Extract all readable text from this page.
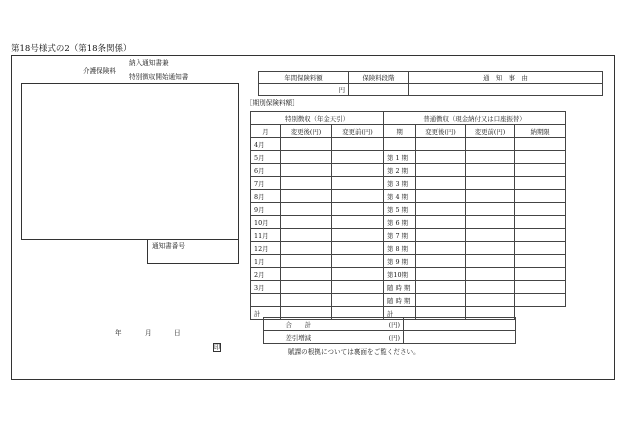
第18号様式の2（第18条関係）
介護保険料
納入通知書兼
特別徴収開始通知書
通知書番号
年間保険料額	保険料段階	通　知　事　由
円		
［期別保険料額］
特別徴収（年金天引）			普通徴収（現金納付又は口座振替）			
月	変更後(円)	変更前(円)	期	変更後(円)	変更前(円)	納期限
4月						
5月			第 1 期			
6月			第 2 期			
7月			第 3 期			
8月			第 4 期			
9月			第 5 期			
10月			第 6 期			
11月			第 7 期			
12月			第 8 期			
1月			第 9 期			
2月			第10期			
3月			随 時 期			
			随 時 期			
計			計			
合　　計	(円)	
差引増減	(円)	
年	月	日
印
賦課の根拠については裏面をご覧ください。
